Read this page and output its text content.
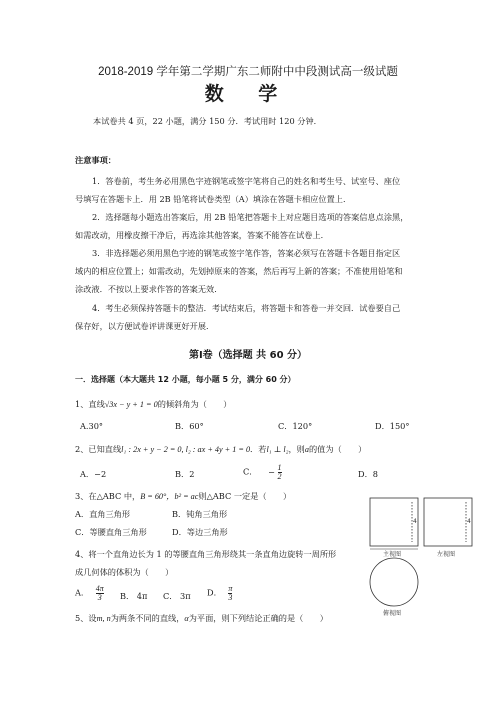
2018-2019 学年第二学期广东二师附中中段测试高一级试题
数 学
本试卷共 4 页，22 小题，满分 150 分．考试用时 120 分钟．
注意事项：
1．答卷前，考生务必用黑色字迹钢笔或签字笔将自己的姓名和考生号、试室号、座位
号填写在答题卡上．用 2B 铅笔将试卷类型（A）填涂在答题卡相应位置上．
2．选择题每小题选出答案后，用 2B 铅笔把答题卡上对应题目选项的答案信息点涂黑，
如需改动，用橡皮擦干净后，再选涂其他答案，答案不能答在试卷上．
3．非选择题必须用黑色字迹的钢笔或签字笔作答，答案必须写在答题卡各题目指定区
域内的相应位置上；如需改动，先划掉原来的答案，然后再写上新的答案；不准使用铅笔和
涂改液．不按以上要求作答的答案无效．
4．考生必须保持答题卡的整洁．考试结束后，将答题卡和答卷一并交回．试卷要自己
保存好，以方便试卷评讲课更好开展．
第Ⅰ卷（选择题 共 60 分）
一．选择题（本大题共 12 小题，每小题 5 分，满分 60 分）
1、直线√3x − y + 1 = 0的倾斜角为（　　）
A.30°	B．60°	C．120°	D．150°
2、已知直线l₁ : 2x + y − 2 = 0, l₂ : ax + 4y + 1 = 0．若l₁ ⊥ l₂，则a的值为（　　）
A．−2	B．2	C． − $\frac{1}{2}$	D．8
3、在△ABC 中，B = 60°，b² = ac则△ABC 一定是（　　）
A．直角三角形	B．钝角三角形
C．等腰直角三角形	D．等边三角形
4、将一个直角边长为 1 的等腰直角三角形绕其一条直角边旋转一周所形
成几何体的体积为（　　）
A． $\frac{4\pi}{3}$ B． 4π C． 3π D． $\frac{\pi}{3}$
5、设m, n为两条不同的直线，α为平面，则下列结论正确的是（　　）
4	4
主视图	左视图
俯视图
